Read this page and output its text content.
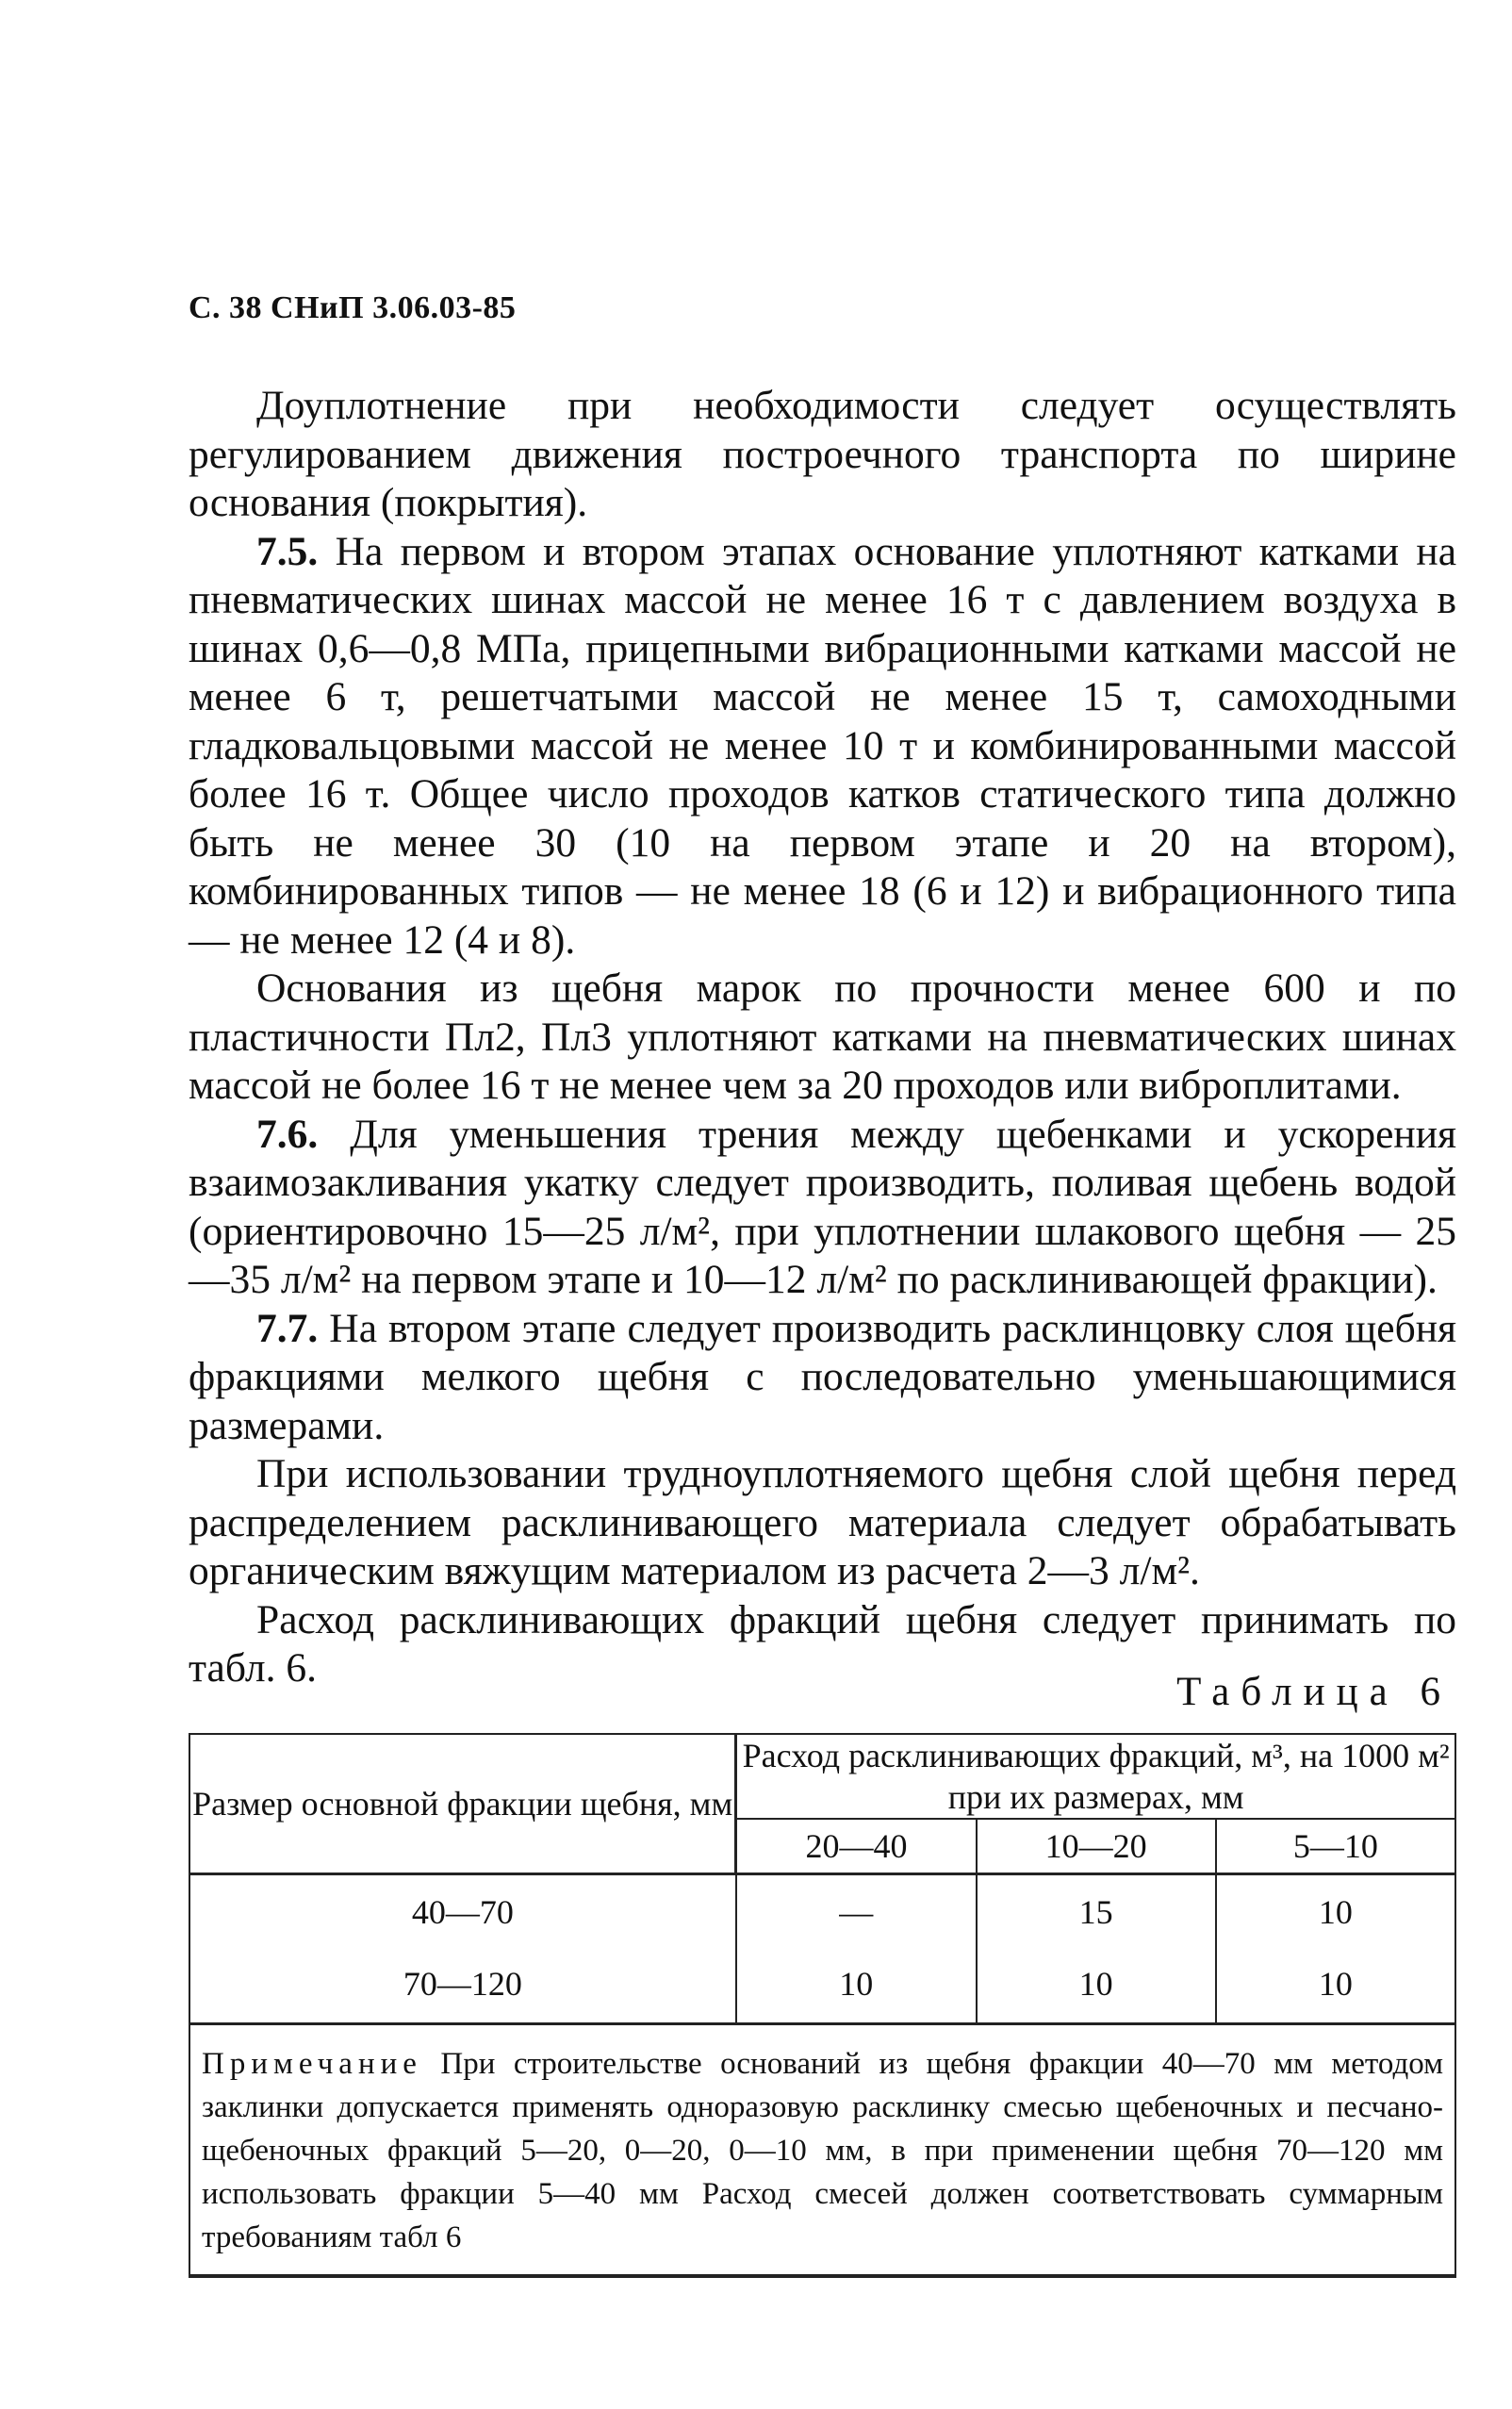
С. 38 СНиП 3.06.03-85

Доуплотнение при необходимости следует осуществлять регулированием движения построечного транспорта по ширине основания (покрытия).

7.5. На первом и втором этапах основание уплотняют катками на пневматических шинах массой не менее 16 т с давлением воздуха в шинах 0,6—0,8 МПа, прицепными вибрационными катками массой не менее 6 т, решетчатыми массой не менее 15 т, самоходными гладковальцовыми массой не менее 10 т и комбинированными массой более 16 т. Общее число проходов катков статического типа должно быть не менее 30 (10 на первом этапе и 20 на втором), комбинированных типов — не менее 18 (6 и 12) и вибрационного типа — не менее 12 (4 и 8).

Основания из щебня марок по прочности менее 600 и по пластичности Пл2, Пл3 уплотняют катками на пневматических шинах массой не более 16 т не менее чем за 20 проходов или виброплитами.

7.6. Для уменьшения трения между щебенками и ускорения взаимозакливания укатку следует производить, поливая щебень водой (ориентировочно 15—25 л/м², при уплотнении шлакового щебня — 25—35 л/м² на первом этапе и 10—12 л/м² по расклинивающей фракции).

7.7. На втором этапе следует производить расклинцовку слоя щебня фракциями мелкого щебня с последовательно уменьшающимися размерами.

При использовании трудноуплотняемого щебня слой щебня перед распределением расклинивающего материала следует обрабатывать органическим вяжущим материалом из расчета 2—3 л/м².

Расход расклинивающих фракций щебня следует принимать по табл. 6.

Таблица 6
Размер основной фракции щебня, мм	Расход расклинивающих фракций, м³, на 1000 м² при их размерах, мм		
	20—40	10—20	5—10
40—70	—	15	10
70—120	10	10	10
Примечание При строительстве оснований из щебня фракции 40—70 мм методом заклинки допускается применять одноразовую расклинку смесью щебеночных и песчано-щебеночных фракций 5—20, 0—20, 0—10 мм, в при применении щебня 70—120 мм использовать фракции 5—40 мм Расход смесей должен соответствовать суммарным требованиям табл 6			
